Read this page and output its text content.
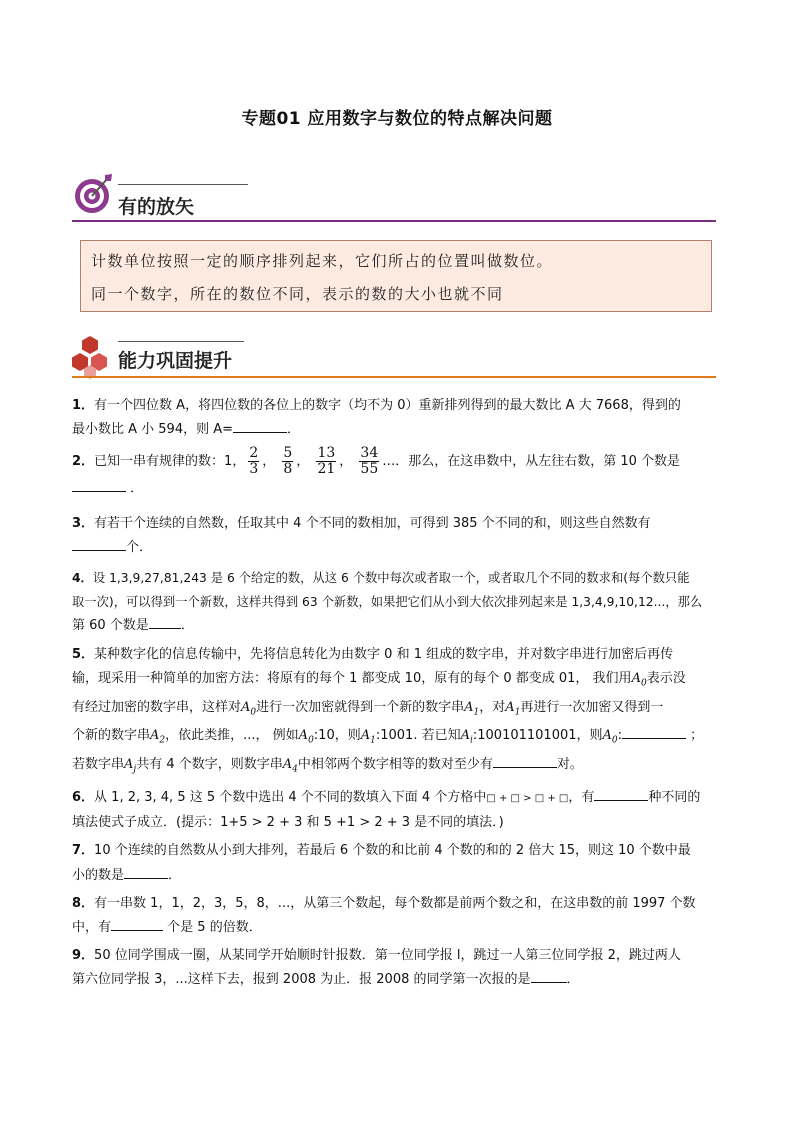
专题01 应用数字与数位的特点解决问题
有的放矢

计数单位按照一定的顺序排列起来，它们所占的位置叫做数位。

同一个数字，所在的数位不同，表示的数的大小也就不同

能力巩固提升

1．有一个四位数 A，将四位数的各位上的数字（均不为 0）重新排列得到的最大数比 A 大 7668，得到的

最小数比 A 小 594，则 A=	．

2．已知一串有规律的数：1， $\frac{2}{3}$ ， $\frac{5}{8}$ ， $\frac{13}{21}$ ， $\frac{34}{55}$ …．那么，在这串数中，从左往右数，第 10 个数是

．

3．有若干个连续的自然数，任取其中 4 个不同的数相加，可得到 385 个不同的和，则这些自然数有

个．

4．设 1,3,9,27,81,243 是 6 个给定的数，从这 6 个数中每次或者取一个，或者取几个不同的数求和(每个数只能

取一次)，可以得到一个新数，这样共得到 63 个新数，如果把它们从小到大依次排列起来是 1,3,4,9,10,12...，那么

第 60 个数是 ．

5．某种数字化的信息传输中，先将信息转化为由数字 0 和 1 组成的数字串，并对数字串进行加密后再传

输，现采用一种简单的加密方法：将原有的每个 1 都变成 10，原有的每个 0 都变成 01， 我们用$A_0$表示没

有经过加密的数字串，这样对$A_0$进行一次加密就得到一个新的数字串$A_1$，对$A_1$再进行一次加密又得到一

个新的数字串$A_2$，依此类推，...， 例如$A_0:10$，则$A_1:1001$. 若已知$A_i:100101101001$，则$A_0$:	；

若数字串$A_j$共有 4 个数字，则数字串$A_4$中相邻两个数字相等的数对至少有	对。

6．从 1, 2, 3, 4, 5 这 5 个数中选出 4 个不同的数填入下面 4 个方格中□ + □ > □ + □，有	种不同的

填法使式子成立．(提示：1+5 > 2 + 3 和 5 +1 > 2 + 3 是不同的填法．)

7．10 个连续的自然数从小到大排列，若最后 6 个数的和比前 4 个数的和的 2 倍大 15，则这 10 个数中最

小的数是	．

8．有一串数 1，1，2，3，5，8，...，从第三个数起，每个数都是前两个数之和，在这串数的前 1997 个数

中，有	个是 5 的倍数．

9．50 位同学围成一圈，从某同学开始顺时针报数．第一位同学报 l，跳过一人第三位同学报 2，跳过两人

第六位同学报 3，...这样下去，报到 2008 为止．报 2008 的同学第一次报的是	．
